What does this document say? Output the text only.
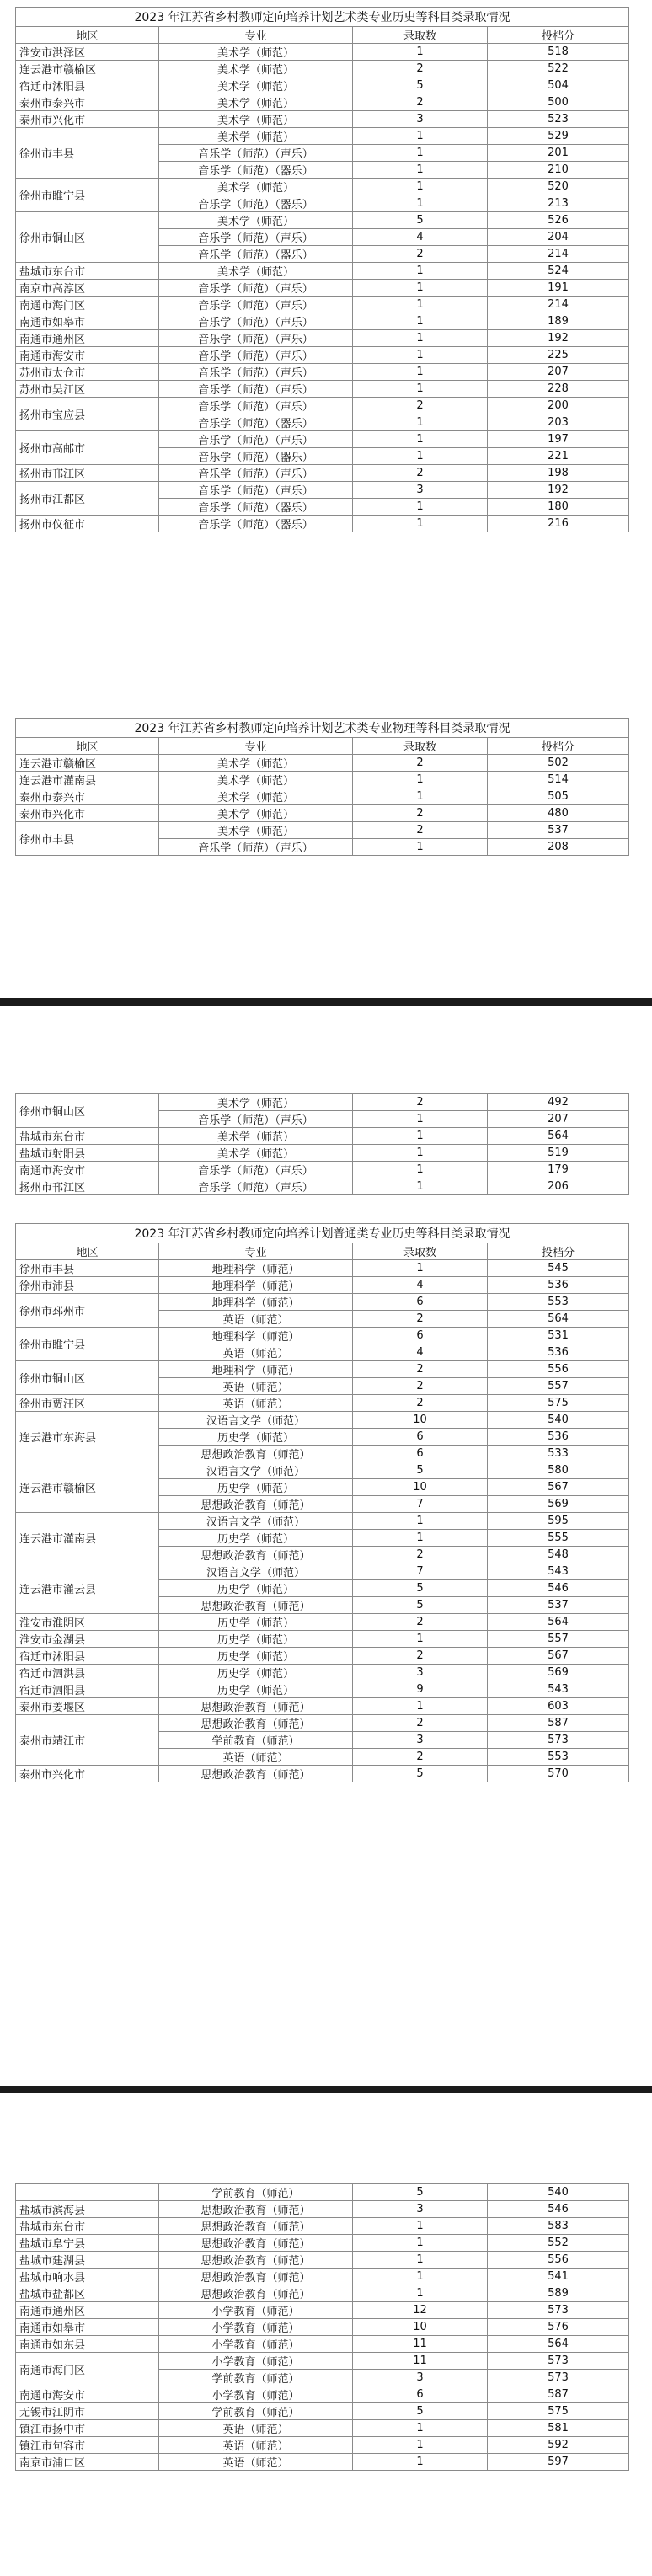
2023 年江苏省乡村教师定向培养计划艺术类专业历史等科目类录取情况			
地区	专业	录取数	投档分
淮安市洪泽区	美术学（师范）	1	518
连云港市赣榆区	美术学（师范）	2	522
宿迁市沭阳县	美术学（师范）	5	504
泰州市泰兴市	美术学（师范）	2	500
泰州市兴化市	美术学（师范）	3	523
徐州市丰县	美术学（师范）	1	529
	音乐学（师范）（声乐）	1	201
	音乐学（师范）（器乐）	1	210
徐州市睢宁县	美术学（师范）	1	520
	音乐学（师范）（器乐）	1	213
徐州市铜山区	美术学（师范）	5	526
	音乐学（师范）（声乐）	4	204
	音乐学（师范）（器乐）	2	214
盐城市东台市	美术学（师范）	1	524
南京市高淳区	音乐学（师范）（声乐）	1	191
南通市海门区	音乐学（师范）（声乐）	1	214
南通市如皋市	音乐学（师范）（声乐）	1	189
南通市通州区	音乐学（师范）（声乐）	1	192
南通市海安市	音乐学（师范）（声乐）	1	225
苏州市太仓市	音乐学（师范）（声乐）	1	207
苏州市吴江区	音乐学（师范）（声乐）	1	228
扬州市宝应县	音乐学（师范）（声乐）	2	200
	音乐学（师范）（器乐）	1	203
扬州市高邮市	音乐学（师范）（声乐）	1	197
	音乐学（师范）（器乐）	1	221
扬州市邗江区	音乐学（师范）（声乐）	2	198
扬州市江都区	音乐学（师范）（声乐）	3	192
	音乐学（师范）（器乐）	1	180
扬州市仪征市	音乐学（师范）（器乐）	1	216
2023 年江苏省乡村教师定向培养计划艺术类专业物理等科目类录取情况			
地区	专业	录取数	投档分
连云港市赣榆区	美术学（师范）	2	502
连云港市灌南县	美术学（师范）	1	514
泰州市泰兴市	美术学（师范）	1	505
泰州市兴化市	美术学（师范）	2	480
徐州市丰县	美术学（师范）	2	537
	音乐学（师范）（声乐）	1	208
徐州市铜山区	美术学（师范）	2	492
	音乐学（师范）（声乐）	1	207
盐城市东台市	美术学（师范）	1	564
盐城市射阳县	美术学（师范）	1	519
南通市海安市	音乐学（师范）（声乐）	1	179
扬州市邗江区	音乐学（师范）（声乐）	1	206
2023 年江苏省乡村教师定向培养计划普通类专业历史等科目类录取情况			
地区	专业	录取数	投档分
徐州市丰县	地理科学（师范）	1	545
徐州市沛县	地理科学（师范）	4	536
徐州市邳州市	地理科学（师范）	6	553
	英语（师范）	2	564
徐州市睢宁县	地理科学（师范）	6	531
	英语（师范）	4	536
徐州市铜山区	地理科学（师范）	2	556
	英语（师范）	2	557
徐州市贾汪区	英语（师范）	2	575
连云港市东海县	汉语言文学（师范）	10	540
	历史学（师范）	6	536
	思想政治教育（师范）	6	533
连云港市赣榆区	汉语言文学（师范）	5	580
	历史学（师范）	10	567
	思想政治教育（师范）	7	569
连云港市灌南县	汉语言文学（师范）	1	595
	历史学（师范）	1	555
	思想政治教育（师范）	2	548
连云港市灌云县	汉语言文学（师范）	7	543
	历史学（师范）	5	546
	思想政治教育（师范）	5	537
淮安市淮阴区	历史学（师范）	2	564
淮安市金湖县	历史学（师范）	1	557
宿迁市沭阳县	历史学（师范）	2	567
宿迁市泗洪县	历史学（师范）	3	569
宿迁市泗阳县	历史学（师范）	9	543
泰州市姜堰区	思想政治教育（师范）	1	603
泰州市靖江市	思想政治教育（师范）	2	587
	学前教育（师范）	3	573
	英语（师范）	2	553
泰州市兴化市	思想政治教育（师范）	5	570
	学前教育（师范）	5	540
盐城市滨海县	思想政治教育（师范）	3	546
盐城市东台市	思想政治教育（师范）	1	583
盐城市阜宁县	思想政治教育（师范）	1	552
盐城市建湖县	思想政治教育（师范）	1	556
盐城市响水县	思想政治教育（师范）	1	541
盐城市盐都区	思想政治教育（师范）	1	589
南通市通州区	小学教育（师范）	12	573
南通市如皋市	小学教育（师范）	10	576
南通市如东县	小学教育（师范）	11	564
南通市海门区	小学教育（师范）	11	573
	学前教育（师范）	3	573
南通市海安市	小学教育（师范）	6	587
无锡市江阴市	学前教育（师范）	5	575
镇江市扬中市	英语（师范）	1	581
镇江市句容市	英语（师范）	1	592
南京市浦口区	英语（师范）	1	597
